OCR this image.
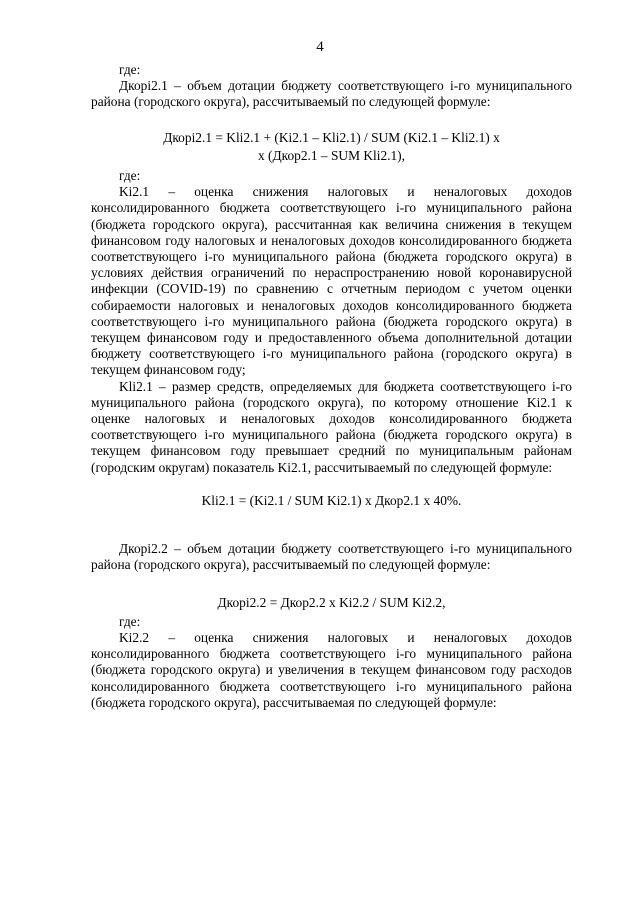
4

где:

Дкорi2.1 – объем дотации бюджету соответствующего i-го муниципального района (городского округа), рассчитываемый по следующей формуле:

Дкорi2.1 = Kli2.1 + (Ki2.1 – Kli2.1) / SUM (Ki2.1 – Kli2.1) x

x (Дкор2.1 – SUM Kli2.1),

где:

Ki2.1 – оценка снижения налоговых и неналоговых доходов консолидированного бюджета соответствующего i-го муниципального района (бюджета городского округа), рассчитанная как величина снижения в текущем финансовом году налоговых и неналоговых доходов консолидированного бюджета соответствующего i-го муниципального района (бюджета городского округа) в условиях действия ограничений по нераспространению новой коронавирусной инфекции (COVID-19) по сравнению с отчетным периодом с учетом оценки собираемости налоговых и неналоговых доходов консолидированного бюджета соответствующего i-го муниципального района (бюджета городского округа) в текущем финансовом году и предоставленного объема дополнительной дотации бюджету соответствующего i-го муниципального района (городского округа) в текущем финансовом году;

Kli2.1 – размер средств, определяемых для бюджета соответствующего i-го муниципального района (городского округа), по которому отношение Ki2.1 к оценке налоговых и неналоговых доходов консолидированного бюджета соответствующего i-го муниципального района (бюджета городского округа) в текущем финансовом году превышает средний по муниципальным районам (городским округам) показатель Ki2.1, рассчитываемый по следующей формуле:

Kli2.1 = (Ki2.1 / SUM Ki2.1) x Дкор2.1 x 40%.

Дкорi2.2 – объем дотации бюджету соответствующего i-го муниципального района (городского округа), рассчитываемый по следующей формуле:

Дкорi2.2 = Дкор2.2 x Ki2.2 / SUM Ki2.2,

где:

Ki2.2 – оценка снижения налоговых и неналоговых доходов консолидированного бюджета соответствующего i-го муниципального района (бюджета городского округа) и увеличения в текущем финансовом году расходов консолидированного бюджета соответствующего i-го муниципального района (бюджета городского округа), рассчитываемая по следующей формуле:
